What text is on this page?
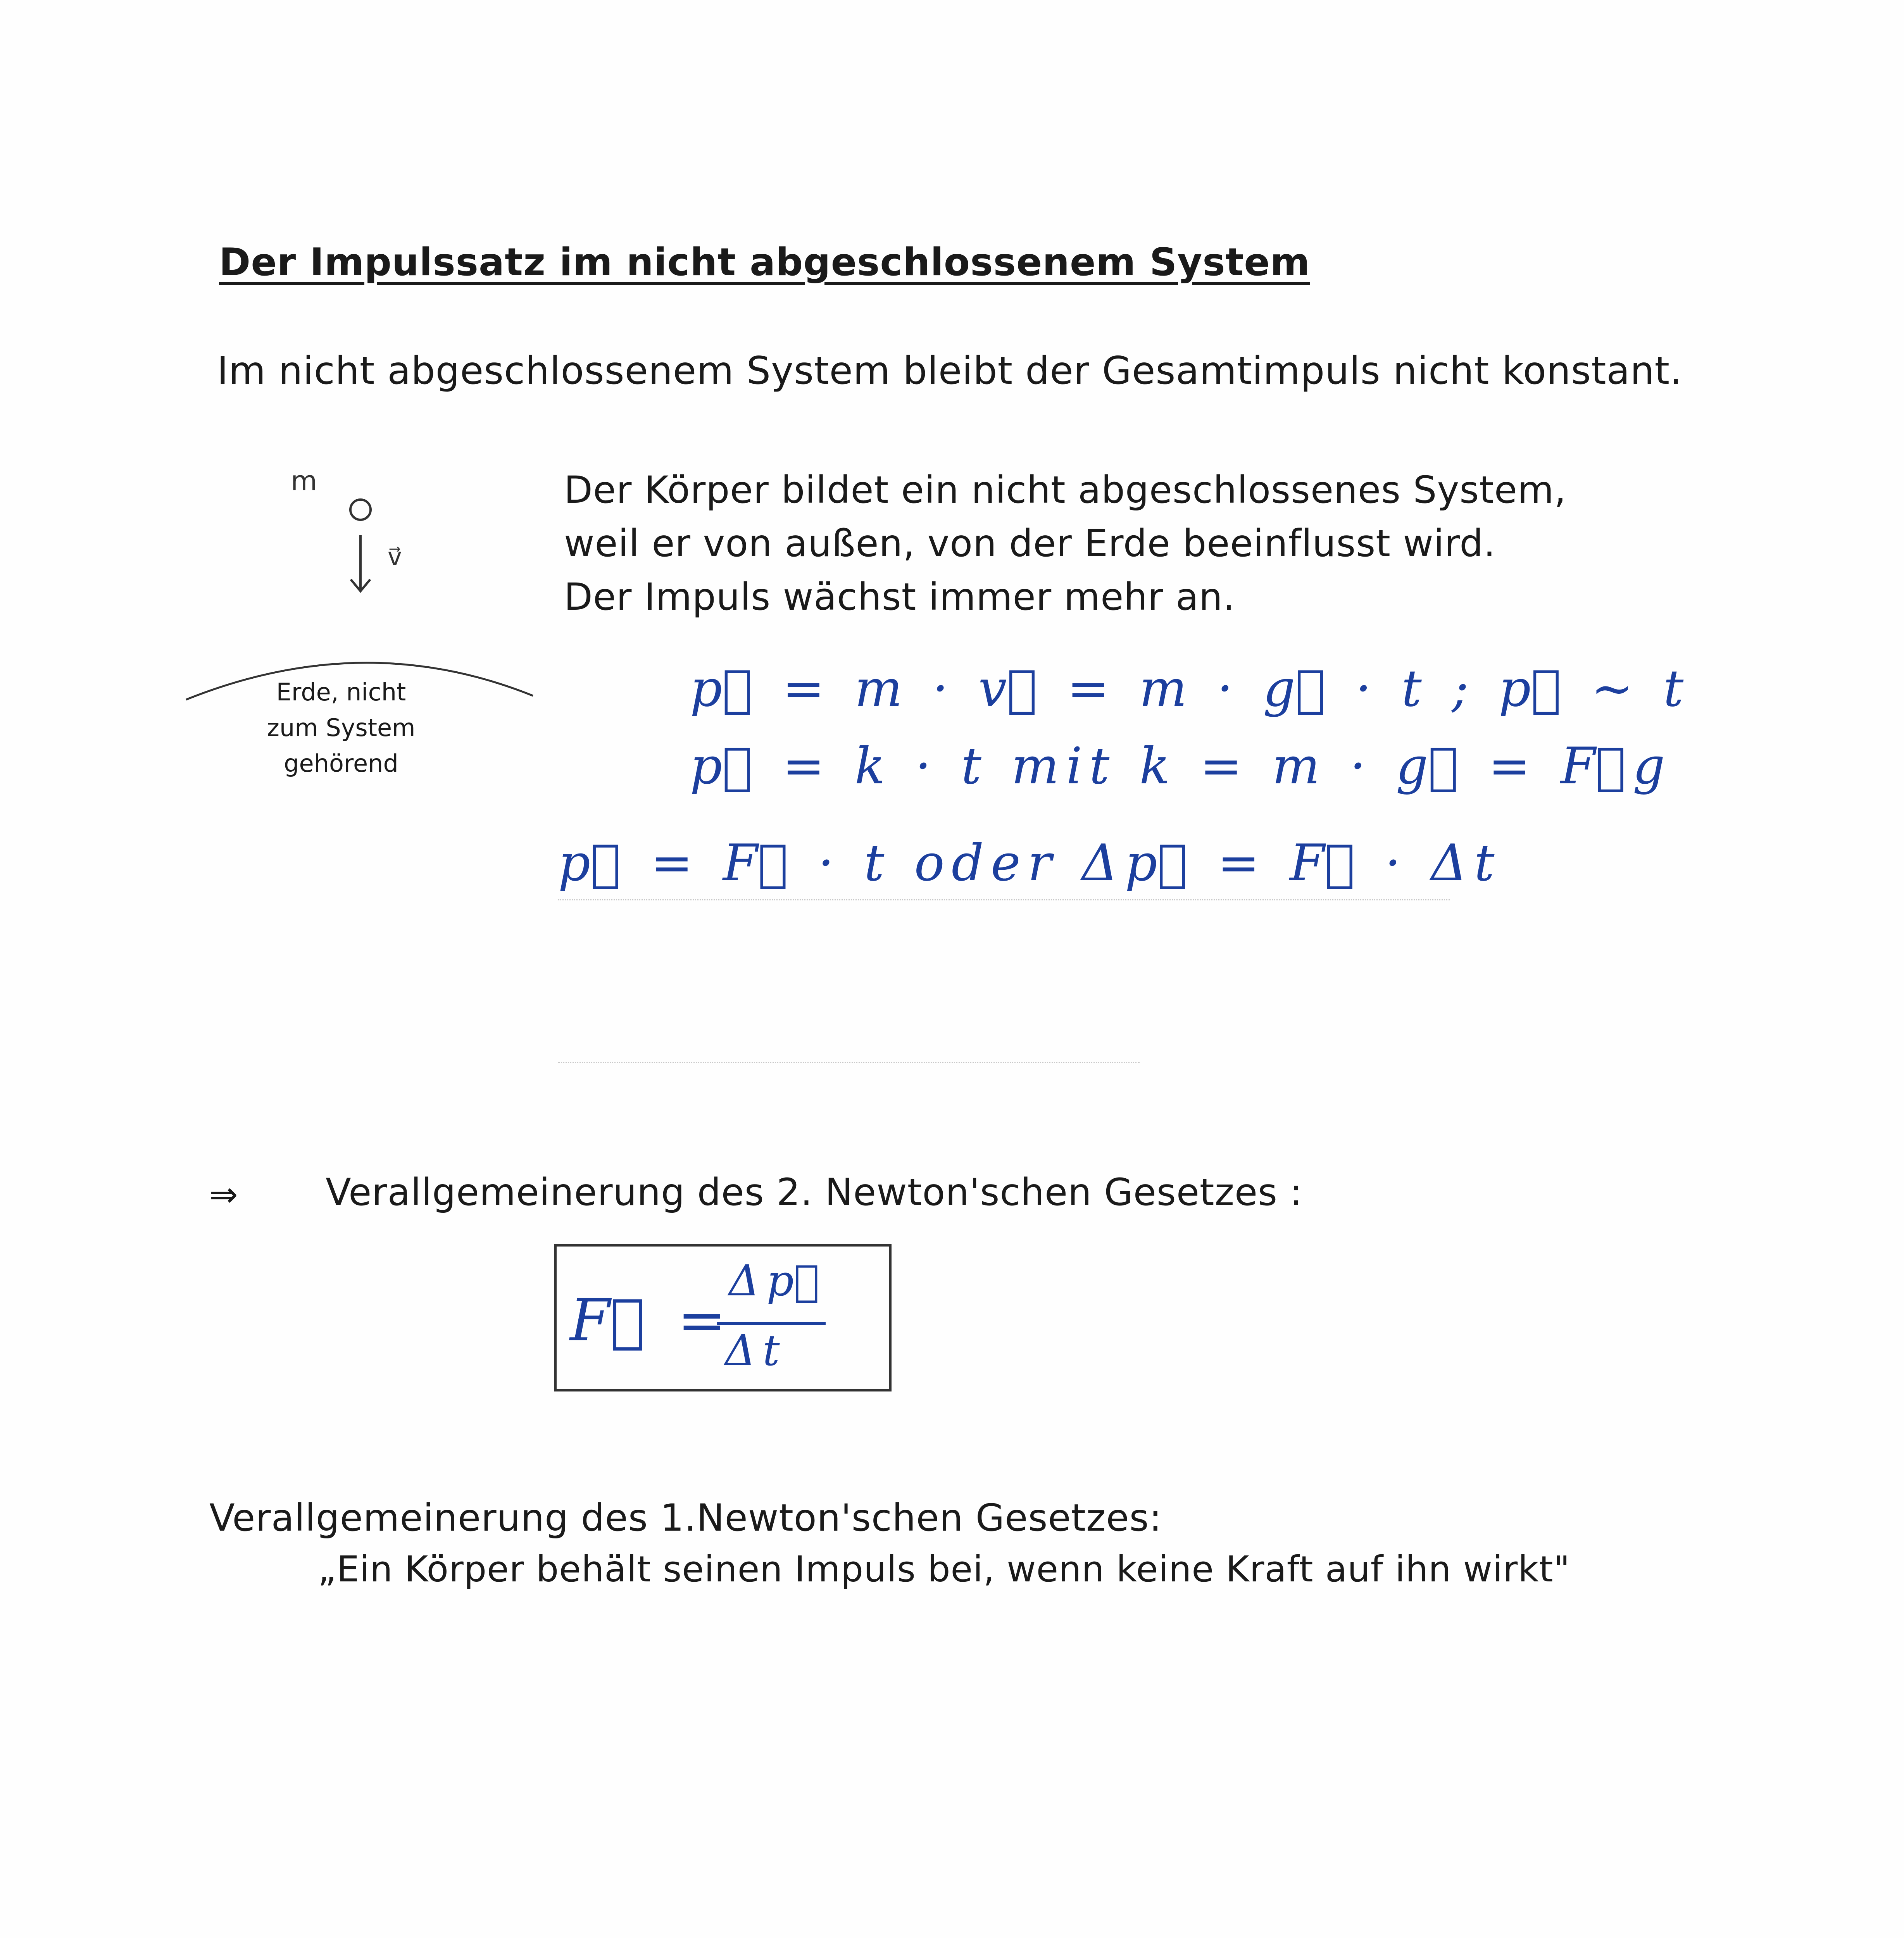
Der Impulssatz im nicht abgeschlossenem System
Im nicht abgeschlossenem System bleibt der Gesamtimpuls nicht konstant.
m
v⃗
Erde, nicht zum System gehörend
Der Körper bildet ein nicht abgeschlossenes System,
weil er von außen, von der Erde beeinflusst wird.
Der Impuls wächst immer mehr an.
p⃗ = m · v⃗ = m · g⃗ · t ; p⃗ ~ t
p⃗ = k · t mit k = m · g⃗ = F⃗g
p⃗ = F⃗ · t oder Δp⃗ = F⃗ · Δt
⇒ Verallgemeinerung des 2. Newton'schen Gesetzes :
F⃗ =
Δp⃗
Δt
Verallgemeinerung des 1.Newton'schen Gesetzes:
„Ein Körper behält seinen Impuls bei, wenn keine Kraft auf ihn wirkt"
